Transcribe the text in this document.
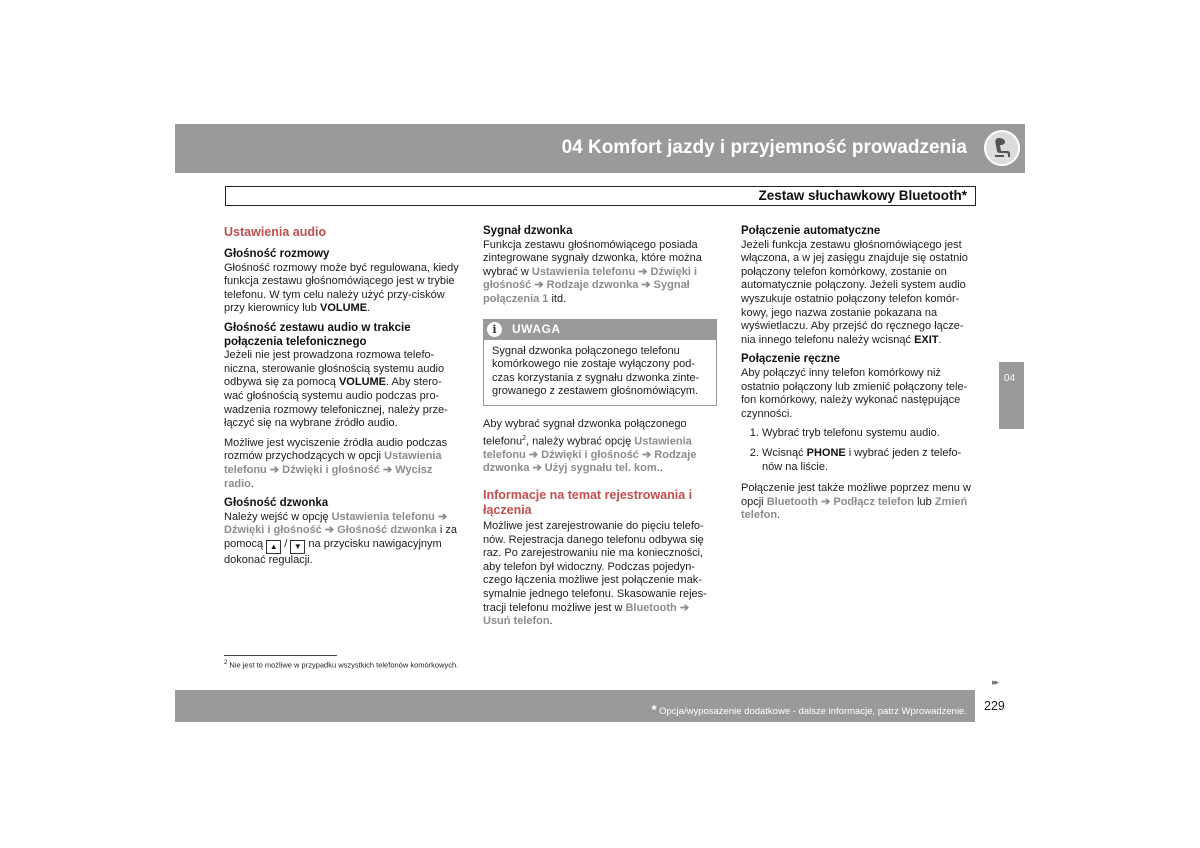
04 Komfort jazdy i przyjemność prowadzenia
Zestaw słuchawkowy Bluetooth*
Ustawienia audio
Głośność rozmowy

Głośność rozmowy może być regulowana, kiedy funkcja zestawu głośnomówiącego jest w trybie telefonu. W tym celu należy użyć przy-cisków przy kierownicy lub VOLUME.

Głośność zestawu audio w trakcie połączenia telefonicznego

Jeżeli nie jest prowadzona rozmowa telefo-niczna, sterowanie głośnością systemu audio odbywa się za pomocą VOLUME. Aby stero-wać głośnością systemu audio podczas pro-wadzenia rozmowy telefonicznej, należy prze-łączyć się na wybrane źródło audio.

Możliwe jest wyciszenie źródła audio podczas rozmów przychodzących w opcji Ustawienia telefonu ➔ Dźwięki i głośność ➔ Wycisz radio.

Głośność dzwonka

Należy wejść w opcję Ustawienia telefonu ➔ Dźwięki i głośność ➔ Głośność dzwonka i za pomocą ▲ / ▼ na przycisku nawigacyjnym dokonać regulacji.

Sygnał dzwonka

Funkcja zestawu głośnomówiącego posiada zintegrowane sygnały dzwonka, które można wybrać w Ustawienia telefonu ➔ Dźwięki i głośność ➔ Rodzaje dzwonka ➔ Sygnał połączenia 1 itd.

i	UWAGA
Sygnał dzwonka połączonego telefonu komórkowego nie zostaje wyłączony pod-czas korzystania z sygnału dzwonka zinte-growanego z zestawem głośnomówiącym.

Aby wybrać sygnał dzwonka połączonego telefonu$^2$, należy wybrać opcję Ustawienia telefonu ➔ Dźwięki i głośność ➔ Rodzaje dzwonka ➔ Użyj sygnału tel. kom..

Informacje na temat rejestrowania i łączenia

Możliwe jest zarejestrowanie do pięciu telefo-nów. Rejestracja danego telefonu odbywa się raz. Po zarejestrowaniu nie ma konieczności, aby telefon był widoczny. Podczas pojedyn-czego łączenia możliwe jest połączenie mak-symalnie jednego telefonu. Skasowanie rejes-tracji telefonu możliwe jest w Bluetooth ➔ Usuń telefon.

Połączenie automatyczne

Jeżeli funkcja zestawu głośnomówiącego jest włączona, a w jej zasięgu znajduje się ostatnio połączony telefon komórkowy, zostanie on automatycznie połączony. Jeżeli system audio wyszukuje ostatnio połączony telefon komór-kowy, jego nazwa zostanie pokazana na wyświetlaczu. Aby przejść do ręcznego łącze-nia innego telefonu należy wcisnąć EXIT.

Połączenie ręczne

Aby połączyć inny telefon komórkowy niż ostatnio połączony lub zmienić połączony tele-fon komórkowy, należy wykonać następujące czynności.

1. Wybrać tryb telefonu systemu audio.
2. Wcisnąć PHONE i wybrać jeden z telefo-nów na liście.

Połączenie jest także możliwe poprzez menu w opcji Bluetooth ➔ Podłącz telefon lub Zmień telefon.

04
$^2$ Nie jest to możliwe w przypadku wszystkich telefonów komórkowych.
▸▸
* Opcja/wyposażenie dodatkowe - dalsze informacje, patrz Wprowadzenie. 229
